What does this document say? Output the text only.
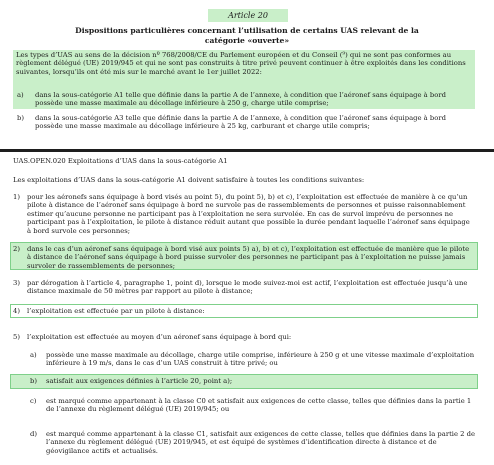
Article 20
Dispositions particulières concernant l’utilisation de certains UAS relevant de la catégorie «ouverte»
Les types d’UAS au sens de la décision nº 768/2008/CE du Parlement européen et du Conseil (⁹) qui ne sont pas conformes au règlement délégué (UE) 2019/945 et qui ne sont pas construits à titre privé peuvent continuer à être exploités dans les conditions suivantes, lorsqu’ils ont été mis sur le marché avant le 1er juillet 2022:
a) dans la sous-catégorie A1 telle que définie dans la partie A de l’annexe, à condition que l’aéronef sans équipage à bord possède une masse maximale au décollage inférieure à 250 g, charge utile comprise;
b) dans la sous-catégorie A3 telle que définie dans la partie A de l’annexe, à condition que l’aéronef sans équipage à bord possède une masse maximale au décollage inférieure à 25 kg, carburant et charge utile compris;
UAS.OPEN.020 Exploitations d’UAS dans la sous-catégorie A1
Les exploitations d’UAS dans la sous-catégorie A1 doivent satisfaire à toutes les conditions suivantes:
1) pour les aéronefs sans équipage à bord visés au point 5), du point 5), b) et c), l’exploitation est effectuée de manière à ce qu’un pilote à distance de l’aéronef sans équipage à bord ne survole pas de rassemblements de personnes et puisse raisonnablement estimer qu’aucune personne ne participant pas à l’exploitation ne sera survolée. En cas de survol imprévu de personnes ne participant pas à l’exploitation, le pilote à distance réduit autant que possible la durée pendant laquelle l’aéronef sans équipage à bord survole ces personnes;
2) dans le cas d’un aéronef sans équipage à bord visé aux points 5) a), b) et c), l’exploitation est effectuée de manière que le pilote à distance de l’aéronef sans équipage à bord puisse survoler des personnes ne participant pas à l’exploitation ne puisse jamais survoler de rassemblements de personnes;
3) par dérogation à l’article 4, paragraphe 1, point d), lorsque le mode suivez-moi est actif, l’exploitation est effectuée jusqu’à une distance maximale de 50 mètres par rapport au pilote à distance;
4) l’exploitation est effectuée par un pilote à distance:
5) l’exploitation est effectuée au moyen d’un aéronef sans équipage à bord qui:
a) possède une masse maximale au décollage, charge utile comprise, inférieure à 250 g et une vitesse maximale d’exploitation inférieure à 19 m/s, dans le cas d’un UAS construit à titre privé; ou
b) satisfait aux exigences définies à l’article 20, point a);
c) est marqué comme appartenant à la classe C0 et satisfait aux exigences de cette classe, telles que définies dans la partie 1 de l’annexe du règlement délégué (UE) 2019/945; ou
d) est marqué comme appartenant à la classe C1, satisfait aux exigences de cette classe, telles que définies dans la partie 2 de l’annexe du règlement délégué (UE) 2019/945, et est équipé de systèmes d’identification directe à distance et de géovigilance actifs et actualisés.
